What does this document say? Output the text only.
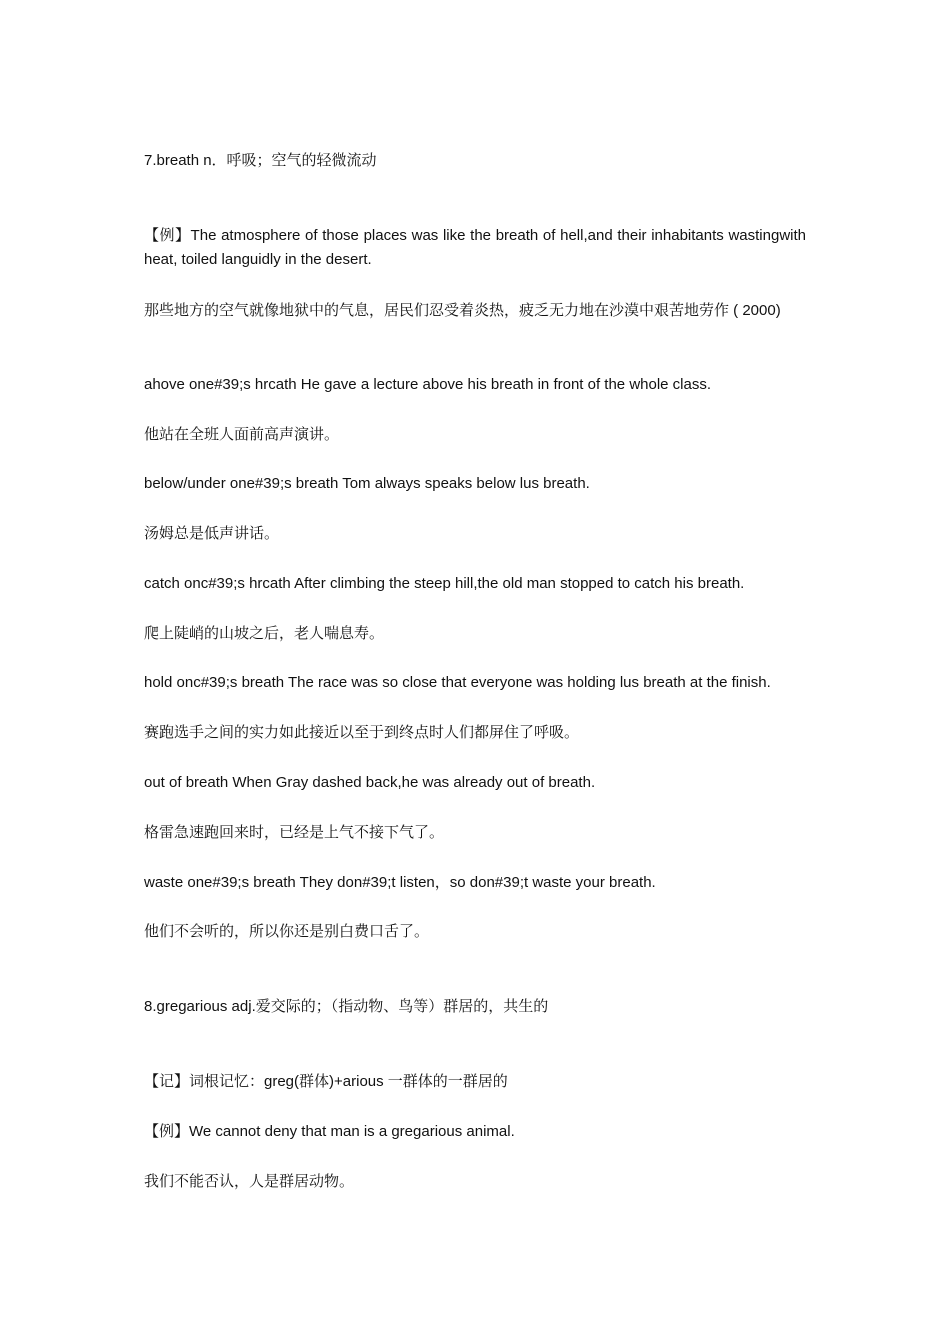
7.breath n．呼吸；空气的轻微流动

【例】The atmosphere of those places was like the breath of hell,and their inhabitants wastingwith heat, toiled languidly in the desert.

那些地方的空气就像地狱中的气息，居民们忍受着炎热，疲乏无力地在沙漠中艰苦地劳作 ( 2000)

ahove one#39;s hrcath He gave a lecture above his breath in front of the whole class.

他站在全班人面前高声演讲。

below/under one#39;s breath Tom always speaks below lus breath.

汤姆总是低声讲话。

catch onc#39;s hrcath After climbing the steep hill,the old man stopped to catch his breath.

爬上陡峭的山坡之后，老人喘息寿。

hold onc#39;s breath The race was so close that everyone was holding lus breath at the finish.

赛跑选手之间的实力如此接近以至于到终点时人们都屏住了呼吸。

out of breath When Gray dashed back,he was already out of breath.

格雷急速跑回来时，已经是上气不接下气了。

waste one#39;s breath They don#39;t listen，so don#39;t waste your breath.

他们不会听的，所以你还是别白费口舌了。

8.gregarious adj.爱交际的；（指动物、鸟等）群居的，共生的

【记】词根记忆：greg(群体)+arious 一群体的一群居的

【例】We cannot deny that man is a gregarious animal.

我们不能否认，人是群居动物。
